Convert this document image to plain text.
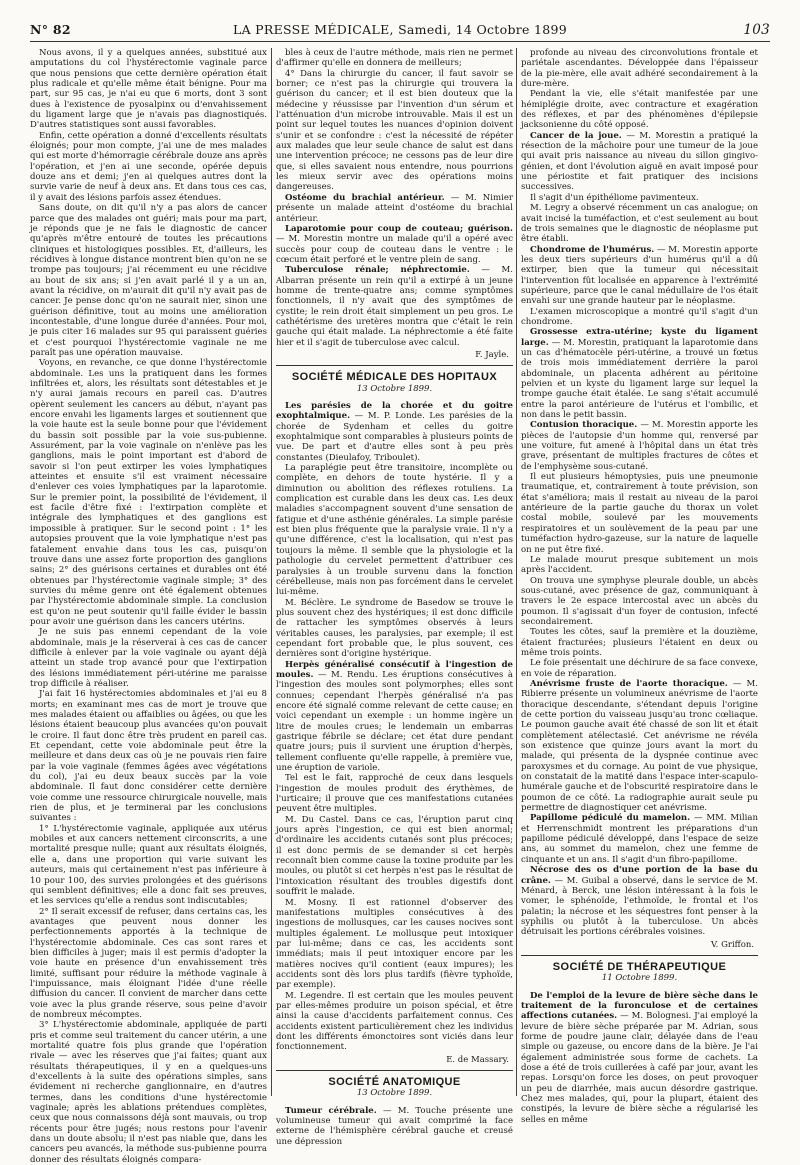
N° 82	LA PRESSE MÉDICALE, Samedi, 14 Octobre 1899	103

Nous avons, il y a quelques années, substitué aux amputations du col l'hystérectomie vaginale parce que nous pensions que cette dernière opération était plus radicale et qu'elle même était bénigne. Pour ma part, sur 95 cas, je n'ai eu que 6 morts, dont 3 sont dues à l'existence de pyosalpinx ou d'envahissement du ligament large que je n'avais pas diagnostiqués. D'autres statistiques sont aussi favorables.

Enfin, cette opération a donné d'excellents résultats éloignés; pour mon compte, j'ai une de mes malades qui est morte d'hémorragie cérébrale douze ans après l'opération, et j'en ai une seconde, opérée depuis douze ans et demi; j'en ai quelques autres dont la survie varie de neuf à deux ans. Et dans tous ces cas, il y avait des lésions parfois assez étendues.

Sans doute, on dit qu'il n'y a pas alors de cancer parce que des malades ont guéri; mais pour ma part, je réponds que je ne fais le diagnostic de cancer qu'après m'être entouré de toutes les précautions cliniques et histologiques possibles. Et, d'ailleurs, les récidives à longue distance montrent bien qu'on ne se trompe pas toujours; j'ai récemment eu une récidive au bout de six ans; si j'en avait parlé il y a un an, avant la récidive, on m'aurait dit qu'il n'y avait pas de cancer. Je pense donc qu'on ne saurait nier, sinon une guérison définitive, tout au moins une amélioration incontestable, d'une longue durée d'années. Pour moi, je puis citer 16 malades sur 95 qui paraissent guéries et c'est pourquoi l'hystérectomie vaginale ne me paraît pas une opération mauvaise.

Voyons, en revanche, ce que donne l'hystérectomie abdominale. Les uns la pratiquent dans les formes infiltrées et, alors, les résultats sont détestables et je n'y aurai jamais recours en pareil cas. D'autres opèrent seulement les cancers au début, n'ayant pas encore envahi les ligaments larges et soutiennent que la voie haute est la seule bonne pour que l'évidement du bassin soit possible par la voie sus-pubienne. Assurément, par la voie vaginale on n'enlève pas les ganglions, mais le point important est d'abord de savoir si l'on peut extirper les voies lymphatiques atteintes et ensuite s'il est vraiment nécessaire d'enlever ces voies lymphatiques par la laparotomie. Sur le premier point, la possibilité de l'évidement, il est facile d'être fixé : l'extirpation complète et intégrale des lymphatiques et des ganglions est impossible à pratiquer. Sur le second point : 1° les autopsies prouvent que la voie lymphatique n'est pas fatalement envahie dans tous les cas, puisqu'on trouve dans une assez forte proportion des ganglions sains; 2° des guérisons certaines et durables ont été obtenues par l'hystérectomie vaginale simple; 3° des survies du même genre ont été également obtenues par l'hystérectomie abdominale simple. La conclusion est qu'on ne peut soutenir qu'il faille évider le bassin pour avoir une guérison dans les cancers utérins.

Je ne suis pas ennemi cependant de la voie abdominale, mais je la réserverai à ces cas de cancer difficile à enlever par la voie vaginale ou ayant déjà atteint un stade trop avancé pour que l'extirpation des lésions immédiatement péri-utérine me paraisse trop difficile à réaliser.

J'ai fait 16 hystérectomies abdominales et j'ai eu 8 morts; en examinant mes cas de mort je trouve que mes malades étaient ou affaiblies ou âgées, ou que les lésions étaient beaucoup plus avancées qu'on pouvait le croire. Il faut donc être très prudent en pareil cas. Et cependant, cette voie abdominale peut être la meilleure et dans deux cas où je ne pouvais rien faire par la voie vaginale (femmes âgées avec végétations du col), j'ai eu deux beaux succès par la voie abdominale. Il faut donc considérer cette dernière voie comme une ressource chirurgicale nouvelle, mais rien de plus, et je terminerai par les conclusions suivantes :

1° L'hystérectomie vaginale, appliquée aux utérus mobiles et aux cancers nettement circonscrits, a une mortalité presque nulle; quant aux résultats éloignés, elle a, dans une proportion qui varie suivant les auteurs, mais qui certainement n'est pas inférieure à 10 pour 100, des survies prolongées et des guérisons qui semblent définitives; elle a donc fait ses preuves, et les services qu'elle a rendus sont indiscutables;

2° Il serait excessif de refuser, dans certains cas, les avantages que peuvent nous donner les perfectionnements apportés à la technique de l'hystérectomie abdominale. Ces cas sont rares et bien difficiles à juger; mais il est permis d'adopter la voie haute en présence d'un envahissement très limité, suffisant pour réduire la méthode vaginale à l'impuissance, mais éloignant l'idée d'une réelle diffusion du cancer. Il convient de marcher dans cette voie avec la plus grande réserve, sous peine d'avoir de nombreux mécomptes.

3° L'hystérectomie abdominale, appliquée de parti pris et comme seul traitement du cancer utérin, a une mortalité quatre fois plus grande que l'opération rivale — avec les réserves que j'ai faites; quant aux résultats thérapeutiques, il y en a quelques-uns d'excellents à la suite des opérations simples, sans évidement ni recherche ganglionnaire, en d'autres termes, dans les conditions d'une hystérectomie vaginale; après les ablations prétendues complètes, ceux que nous connaissons déjà sont mauvais, ou trop récents pour être jugés; nous restons pour l'avenir dans un doute absolu; il n'est pas niable que, dans les cancers peu avancés, la méthode sus-pubienne pourra donner des résultats éloignés compara-

bles à ceux de l'autre méthode, mais rien ne permet d'affirmer qu'elle en donnera de meilleurs;

4° Dans la chirurgie du cancer, il faut savoir se borner; ce n'est pas la chirurgie qui trouvera la guérison du cancer; et il est bien douteux que la médecine y réussisse par l'invention d'un sérum et l'atténuation d'un microbe introuvable. Mais il est un point sur lequel toutes les nuances d'opinion doivent s'unir et se confondre : c'est la nécessité de répéter aux malades que leur seule chance de salut est dans une intervention précoce; ne cessons pas de leur dire que, si elles savaient nous entendre, nous pourrions les mieux servir avec des opérations moins dangereuses.

Ostéome du brachial antérieur. — M. Nimier présente un malade atteint d'ostéome du brachial antérieur.

Laparotomie pour coup de couteau; guérison. — M. Morestin montre un malade qu'il a opéré avec succès pour coup de couteau dans le ventre : le cœcum était perforé et le ventre plein de sang.

Tuberculose rénale; néphrectomie. — M. Albarran présente un rein qu'il a extirpé à un jeune homme de trente-quatre ans; comme symptômes fonctionnels, il n'y avait que des symptômes de cystite; le rein droit était simplement un peu gros. Le cathétérisme des uretères montra que c'était le rein gauche qui était malade. La néphrectomie a été faite hier et il s'agit de tuberculose avec calcul.

F. Jayle.
SOCIÉTÉ MÉDICALE DES HOPITAUX
13 Octobre 1899.

Les parésies de la chorée et du goitre exophtalmique. — M. P. Londe. Les parésies de la chorée de Sydenham et celles du goitre exophtalmique sont comparables à plusieurs points de vue. De part et d'autre elles sont à peu près constantes (Dieulafoy, Triboulet).

La paraplégie peut être transitoire, incomplète ou complète, en dehors de toute hystérie. Il y a diminution ou abolition des réflexes rotuliens. La complication est curable dans les deux cas. Les deux maladies s'accompagnent souvent d'une sensation de fatigue et d'une asthénie générales. La simple parésie est bien plus fréquente que la paralysie vraie. Il n'y a qu'une différence, c'est la localisation, qui n'est pas toujours la même. Il semble que la physiologie et la pathologie du cervelet permettent d'attribuer ces paralysies à un trouble survenu dans la fonction cérébelleuse, mais non pas forcément dans le cervelet lui-même.

M. Béclère. Le syndrome de Basedow se trouve le plus souvent chez des hystériques; il est donc difficile de rattacher les symptômes observés à leurs véritables causes, les paralysies, par exemple; il est cependant fort probable que, le plus souvent, ces dernières sont d'origine hystérique.

Herpès généralisé consécutif à l'ingestion de moules. — M. Rendu. Les éruptions consécutives à l'ingestion des moules sont polymorphes; elles sont connues; cependant l'herpès généralisé n'a pas encore été signalé comme relevant de cette cause; en voici cependant un exemple : un homme ingère un litre de moules crues; le lendemain un embarras gastrique fébrile se déclare; cet état dure pendant quatre jours; puis il survient une éruption d'herpès, tellement confluente qu'elle rappelle, à première vue, une éruption de variole.

Tel est le fait, rapproché de ceux dans lesquels l'ingestion de moules produit des érythèmes, de l'urticaire; il prouve que ces manifestations cutanées peuvent être multiples.

M. Du Castel. Dans ce cas, l'éruption parut cinq jours après l'ingestion, ce qui est bien anormal; d'ordinaire les accidents cutanés sont plus précoces; il est donc permis de se demander si cet herpès reconnaît bien comme cause la toxine produite par les moules, ou plutôt si cet herpès n'est pas le résultat de l'intoxication résultant des troubles digestifs dont souffrit le malade.

M. Mosny. Il est rationnel d'observer des manifestations multiples consécutives à des ingestions de mollusques, car les causes nocives sont multiples également. Le mollusque peut intoxiquer par lui-même; dans ce cas, les accidents sont immédiats; mais il peut intoxiquer encore par les matières nocives qu'il contient (eaux impures); les accidents sont dès lors plus tardifs (fièvre typhoïde, par exemple).

M. Legendre. Il est certain que les moules peuvent par elles-mêmes produire un poison spécial, et être ainsi la cause d'accidents parfaitement connus. Ces accidents existent particulièrement chez les individus dont les différents émonctoires sont viciés dans leur fonctionnement.

E. de Massary.
SOCIÉTÉ ANATOMIQUE
13 Octobre 1899.

Tumeur cérébrale. — M. Touche présente une volumineuse tumeur qui avait comprimé la face externe de l'hémisphère cérébral gauche et creusé une dépression

profonde au niveau des circonvolutions frontale et pariétale ascendantes. Développée dans l'épaisseur de la pie-mère, elle avait adhéré secondairement à la dure-mère.

Pendant la vie, elle s'était manifestée par une hémiplégie droite, avec contracture et exagération des réflexes, et par des phénomènes d'épilepsie jacksonienne du côté opposé.

Cancer de la joue. — M. Morestin a pratiqué la résection de la mâchoire pour une tumeur de la joue qui avait pris naissance au niveau du sillon gingivo-génien, et dont l'évolution aiguë en avait imposé pour une périostite et fait pratiquer des incisions successives.

Il s'agit d'un épithéliome pavimenteux.

M. Legry a observé récemment un cas analogue; on avait incisé la tuméfaction, et c'est seulement au bout de trois semaines que le diagnostic de néoplasme put être établi.

Chondrome de l'humérus. — M. Morestin apporte les deux tiers supérieurs d'un humérus qu'il a dû extirper, bien que la tumeur qui nécessitait l'intervention fût localisée en apparence à l'extrémité supérieure, parce que le canal médullaire de l'os était envahi sur une grande hauteur par le néoplasme.

L'examen microscopique a montré qu'il s'agit d'un chondrome.

Grossesse extra-utérine; kyste du ligament large. — M. Morestin, pratiquant la laparotomie dans un cas d'hématocèle péri-utérine, a trouvé un fœtus de trois mois immédiatement derrière la paroi abdominale, un placenta adhérent au péritoine pelvien et un kyste du ligament large sur lequel la trompe gauche était étalée. Le sang s'était accumulé entre la paroi antérieure de l'utérus et l'ombilic, et non dans le petit bassin.

Contusion thoracique. — M. Morestin apporte les pièces de l'autopsie d'un homme qui, renversé par une voiture, fut amené à l'hôpital dans un état très grave, présentant de multiples fractures de côtes et de l'emphysème sous-cutané.

Il eut plusieurs hémoptysies, puis une pneumonie traumatique, et, contrairement à toute prévision, son état s'améliora; mais il restait au niveau de la paroi antérieure de la partie gauche du thorax un volet costal mobile, soulevé par les mouvements respiratoires et un soulèvement de la peau par une tuméfaction hydro-gazeuse, sur la nature de laquelle on ne put être fixé.

Le malade mourut presque subitement un mois après l'accident.

On trouva une symphyse pleurale double, un abcès sous-cutané, avec présence de gaz, communiquant à travers le 2e espace intercostal avec un abcès du poumon. Il s'agissait d'un foyer de contusion, infecté secondairement.

Toutes les côtes, sauf la première et la douzième, étaient fracturées; plusieurs l'étaient en deux ou même trois points.

Le foie présentait une déchirure de sa face convexe, en voie de réparation.

Anévrisme fruste de l'aorte thoracique. — M. Ribierre présente un volumineux anévrisme de l'aorte thoracique descendante, s'étendant depuis l'origine de cette portion du vaisseau jusqu'au tronc cœliaque. Le poumon gauche avait été chassé de son lit et était complètement atélectasié. Cet anévrisme ne révéla son existence que quinze jours avant la mort du malade, qui présenta de la dyspnée continue avec paroxysmes et du cornage. Au point de vue physique, on constatait de la matité dans l'espace inter-scapulo-humérale gauche et de l'obscurité respiratoire dans le poumon de ce côté. La radiographie aurait seule pu permettre de diagnostiquer cet anévrisme.

Papillome pédiculé du mamelon. — MM. Milian et Herrenschmidt montrent les préparations d'un papillome pédiculé développé, dans l'espace de seize ans, au sommet du mamelon, chez une femme de cinquante et un ans. Il s'agit d'un fibro-papillome.

Nécrose des os d'une portion de la base du crâne. — M. Guibal a observé, dans le service de M. Ménard, à Berck, une lésion intéressant à la fois le vomer, le sphénoïde, l'ethmoïde, le frontal et l'os palatin; la nécrose et les séquestres font penser à la syphilis ou plutôt à la tuberculose. Un abcès détruisait les portions cérébrales voisines.

V. Griffon.
SOCIÉTÉ DE THÉRAPEUTIQUE
11 Octobre 1899.

De l'emploi de la levure de bière sèche dans le traitement de la furonculose et de certaines affections cutanées. — M. Bolognesi. J'ai employé la levure de bière sèche préparée par M. Adrian, sous forme de poudre jaune clair, délayée dans de l'eau simple ou gazeuse, ou encore dans de la bière. Je l'ai également administrée sous forme de cachets. La dose a été de trois cuillerées à café par jour, avant les repas. Lorsqu'on force les doses, on peut provoquer un peu de diarrhée, mais aucun désordre gastrique. Chez mes malades, qui, pour la plupart, étaient des constipés, la levure de bière sèche a régularisé les selles en même
